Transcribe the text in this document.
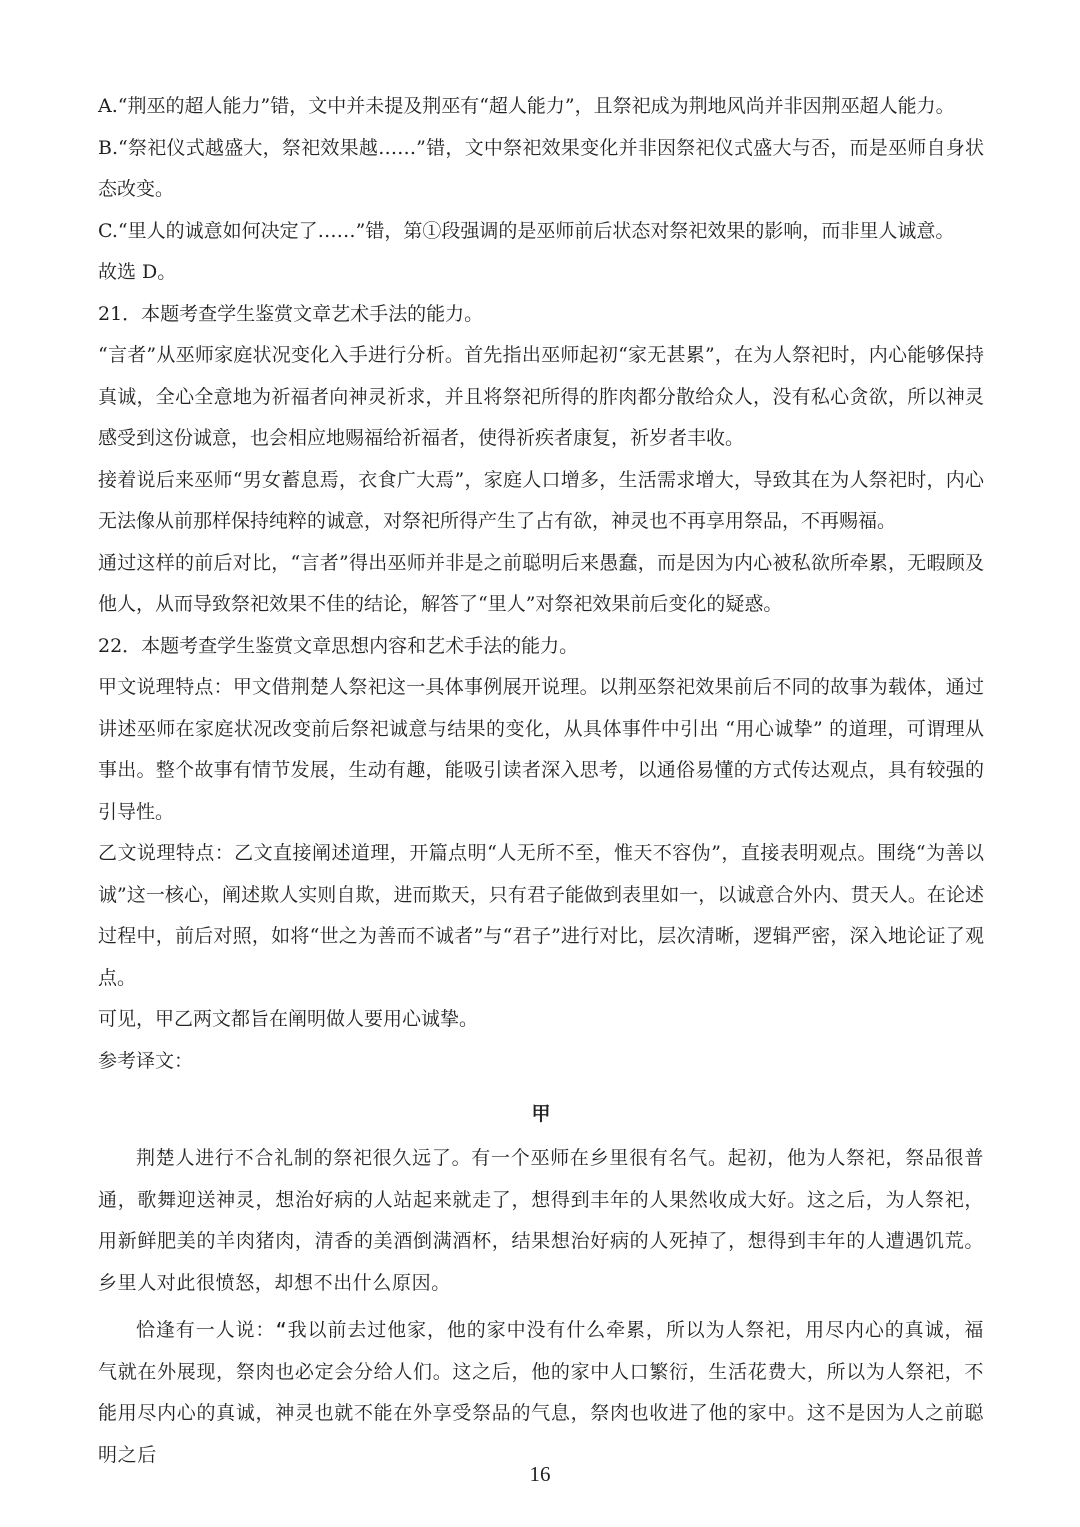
A.“荆巫的超人能力”错，文中并未提及荆巫有“超人能力”，且祭祀成为荆地风尚并非因荆巫超人能力。

B.“祭祀仪式越盛大，祭祀效果越……”错，文中祭祀效果变化并非因祭祀仪式盛大与否，而是巫师自身状态改变。

C.“里人的诚意如何决定了……”错，第①段强调的是巫师前后状态对祭祀效果的影响，而非里人诚意。

故选 D。

21．本题考查学生鉴赏文章艺术手法的能力。

“言者”从巫师家庭状况变化入手进行分析。首先指出巫师起初“家无甚累”，在为人祭祀时，内心能够保持真诚，全心全意地为祈福者向神灵祈求，并且将祭祀所得的胙肉都分散给众人，没有私心贪欲，所以神灵感受到这份诚意，也会相应地赐福给祈福者，使得祈疾者康复，祈岁者丰收。

接着说后来巫师“男女蓄息焉，衣食广大焉”，家庭人口增多，生活需求增大，导致其在为人祭祀时，内心无法像从前那样保持纯粹的诚意，对祭祀所得产生了占有欲，神灵也不再享用祭品，不再赐福。

通过这样的前后对比，“言者”得出巫师并非是之前聪明后来愚蠢，而是因为内心被私欲所牵累，无暇顾及他人，从而导致祭祀效果不佳的结论，解答了“里人”对祭祀效果前后变化的疑惑。

22．本题考查学生鉴赏文章思想内容和艺术手法的能力。

甲文说理特点：甲文借荆楚人祭祀这一具体事例展开说理。以荆巫祭祀效果前后不同的故事为载体，通过讲述巫师在家庭状况改变前后祭祀诚意与结果的变化，从具体事件中引出 “用心诚挚” 的道理，可谓理从事出。整个故事有情节发展，生动有趣，能吸引读者深入思考，以通俗易懂的方式传达观点，具有较强的引导性。

乙文说理特点：乙文直接阐述道理，开篇点明“人无所不至，惟天不容伪”，直接表明观点。围绕“为善以诚”这一核心，阐述欺人实则自欺，进而欺天，只有君子能做到表里如一，以诚意合外内、贯天人。在论述过程中，前后对照，如将“世之为善而不诚者”与“君子”进行对比，层次清晰，逻辑严密，深入地论证了观点。

可见，甲乙两文都旨在阐明做人要用心诚挚。

参考译文：

甲

荆楚人进行不合礼制的祭祀很久远了。有一个巫师在乡里很有名气。起初，他为人祭祀，祭品很普通，歌舞迎送神灵，想治好病的人站起来就走了，想得到丰年的人果然收成大好。这之后，为人祭祀，用新鲜肥美的羊肉猪肉，清香的美酒倒满酒杯，结果想治好病的人死掉了，想得到丰年的人遭遇饥荒。乡里人对此很愤怒，却想不出什么原因。

恰逢有一人说：“我以前去过他家，他的家中没有什么牵累，所以为人祭祀，用尽内心的真诚，福气就在外展现，祭肉也必定会分给人们。这之后，他的家中人口繁衍，生活花费大，所以为人祭祀，不能用尽内心的真诚，神灵也就不能在外享受祭品的气息，祭肉也收进了他的家中。这不是因为人之前聪明之后

16
